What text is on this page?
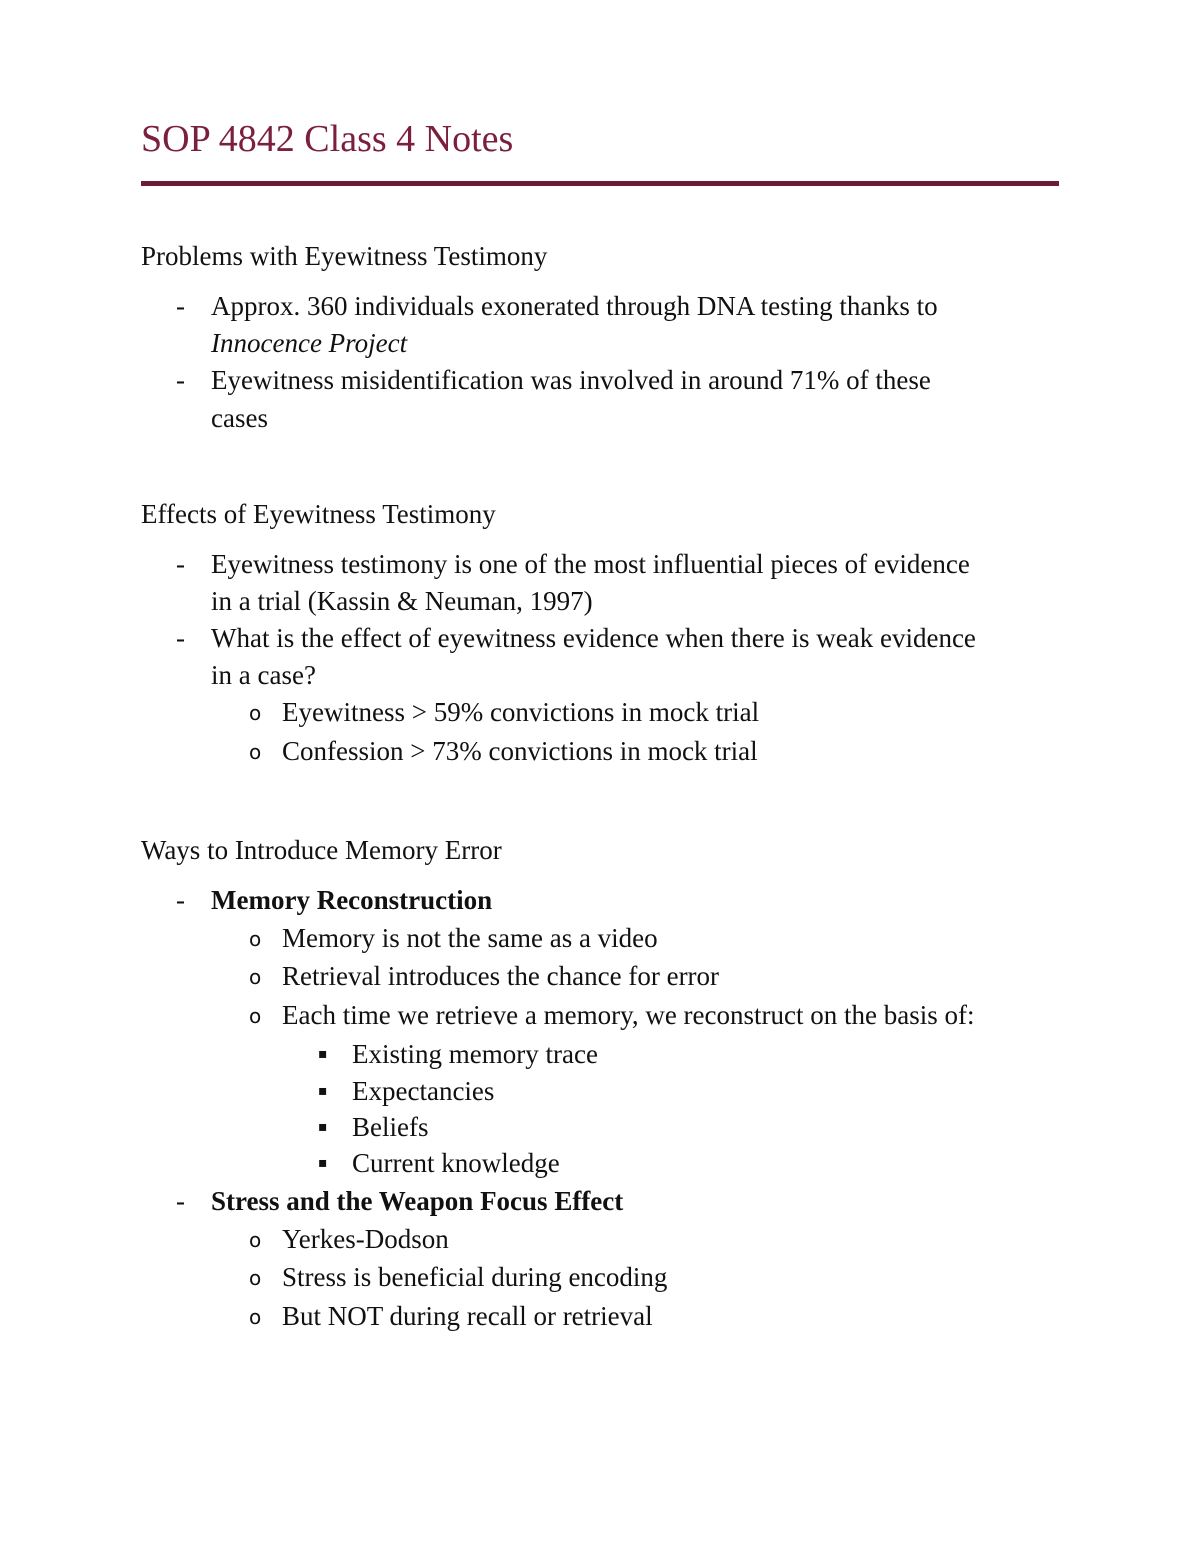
SOP 4842 Class 4 Notes
Problems with Eyewitness Testimony
- Approx. 360 individuals exonerated through DNA testing thanks to
Innocence Project
- Eyewitness misidentification was involved in around 71% of these
cases
Effects of Eyewitness Testimony
- Eyewitness testimony is one of the most influential pieces of evidence
in a trial (Kassin & Neuman, 1997)
- What is the effect of eyewitness evidence when there is weak evidence
in a case?
o Eyewitness > 59% convictions in mock trial
o Confession > 73% convictions in mock trial
Ways to Introduce Memory Error
- Memory Reconstruction
o Memory is not the same as a video
o Retrieval introduces the chance for error
o Each time we retrieve a memory, we reconstruct on the basis of:
▪ Existing memory trace
▪ Expectancies
▪ Beliefs
▪ Current knowledge
- Stress and the Weapon Focus Effect
o Yerkes-Dodson
o Stress is beneficial during encoding
o But NOT during recall or retrieval
